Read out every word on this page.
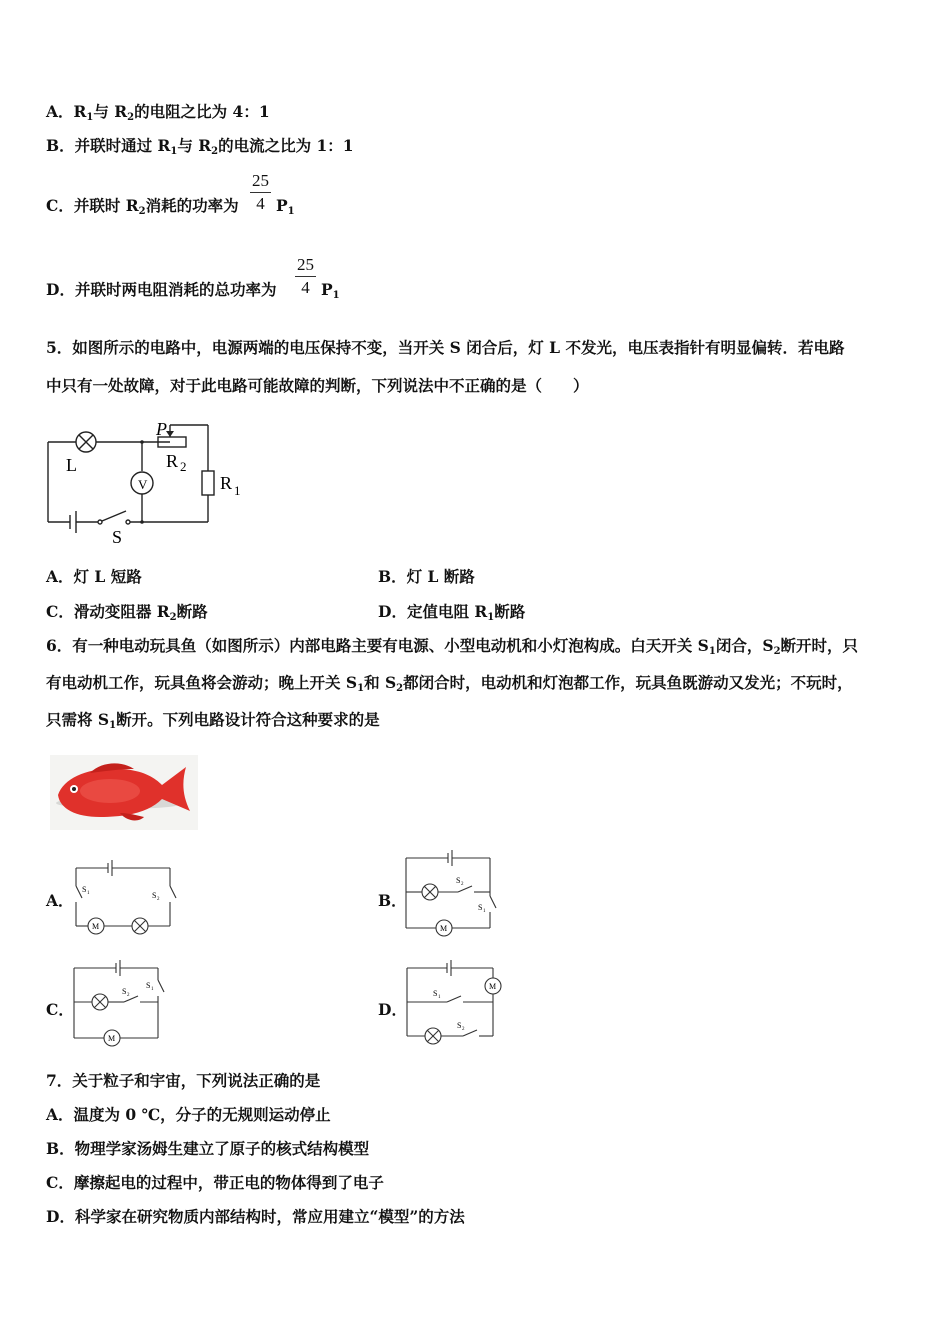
A．$R_1$与 $R_2$的电阻之比为 4：1
B．并联时通过 $R_1$与 $R_2$的电流之比为 1：1
C．并联时 $R_2$消耗的功率为 $\frac{25}{4} P_1$
D．并联时两电阻消耗的总功率为 $\frac{25}{4} P_1$
5．如图所示的电路中，电源两端的电压保持不变，当开关 S 闭合后，灯 L 不发光，电压表指针有明显偏转．若电路
中只有一处故障，对于此电路可能故障的判断，下列说法中不正确的是（　　）
L
V
P
R 2
R 1
S
A．灯 L 短路	B．灯 L 断路
C．滑动变阻器 $R_2$断路	D．定值电阻 $R_1$断路
6．有一种电动玩具鱼（如图所示）内部电路主要有电源、小型电动机和小灯泡构成。白天开关 $S_1$闭合，$S_2$断开时，只
有电动机工作，玩具鱼将会游动；晚上开关 $S_1$和 $S_2$都闭合时，电动机和灯泡都工作，玩具鱼既游动又发光；不玩时，
只需将 $S_1$断开。下列电路设计符合这种要求的是
A．	B．
C．	D．
M
S 1	S 2
M
S 2
S 1
M
S 2
S 1	M
S 1
S 2
7．关于粒子和宇宙，下列说法正确的是
A．温度为 0 ℃，分子的无规则运动停止
B．物理学家汤姆生建立了原子的核式结构模型
C．摩擦起电的过程中，带正电的物体得到了电子
D．科学家在研究物质内部结构时，常应用建立“模型”的方法
